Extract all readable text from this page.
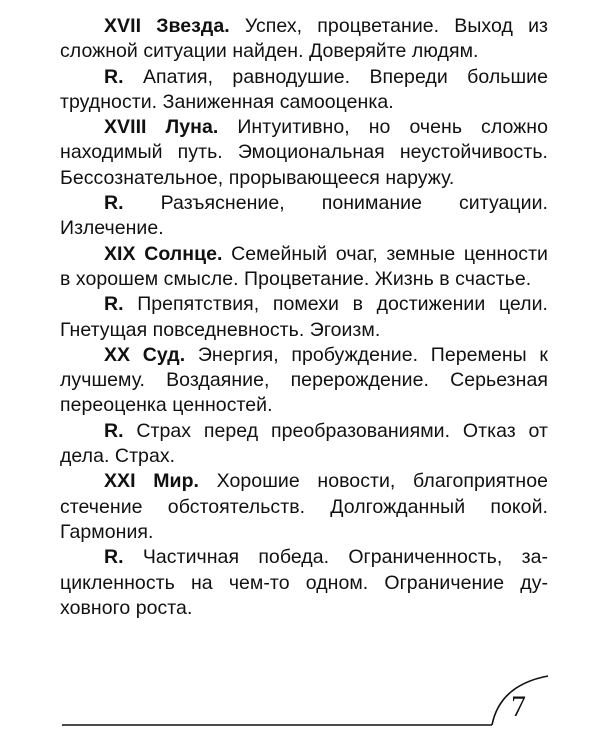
XVII Звезда. Успех, процветание. Выход из сложной ситуации найден. Доверяйте людям.

R. Апатия, равнодушие. Впереди большие трудности. Заниженная самооценка.

XVIII Луна. Интуитивно, но очень сложно находимый путь. Эмоциональная неустойчивость. Бессознательное, прорывающееся наружу.

R. Разъяснение, понимание ситуации. Излечение.

XIX Солнце. Семейный очаг, земные ценности в хорошем смысле. Процветание. Жизнь в счастье.

R. Препятствия, помехи в достижении цели. Гнетущая повседневность. Эгоизм.

XX Суд. Энергия, пробуждение. Перемены к лучшему. Воздаяние, перерождение. Серьезная переоценка ценностей.

R. Страх перед преобразованиями. Отказ от дела. Страх.

XXI Мир. Хорошие новости, благоприятное стечение обстоятельств. Долгожданный покой. Гармония.

R. Частичная победа. Ограниченность, зацикленность на чем-то одном. Ограничение духовного роста.

7
